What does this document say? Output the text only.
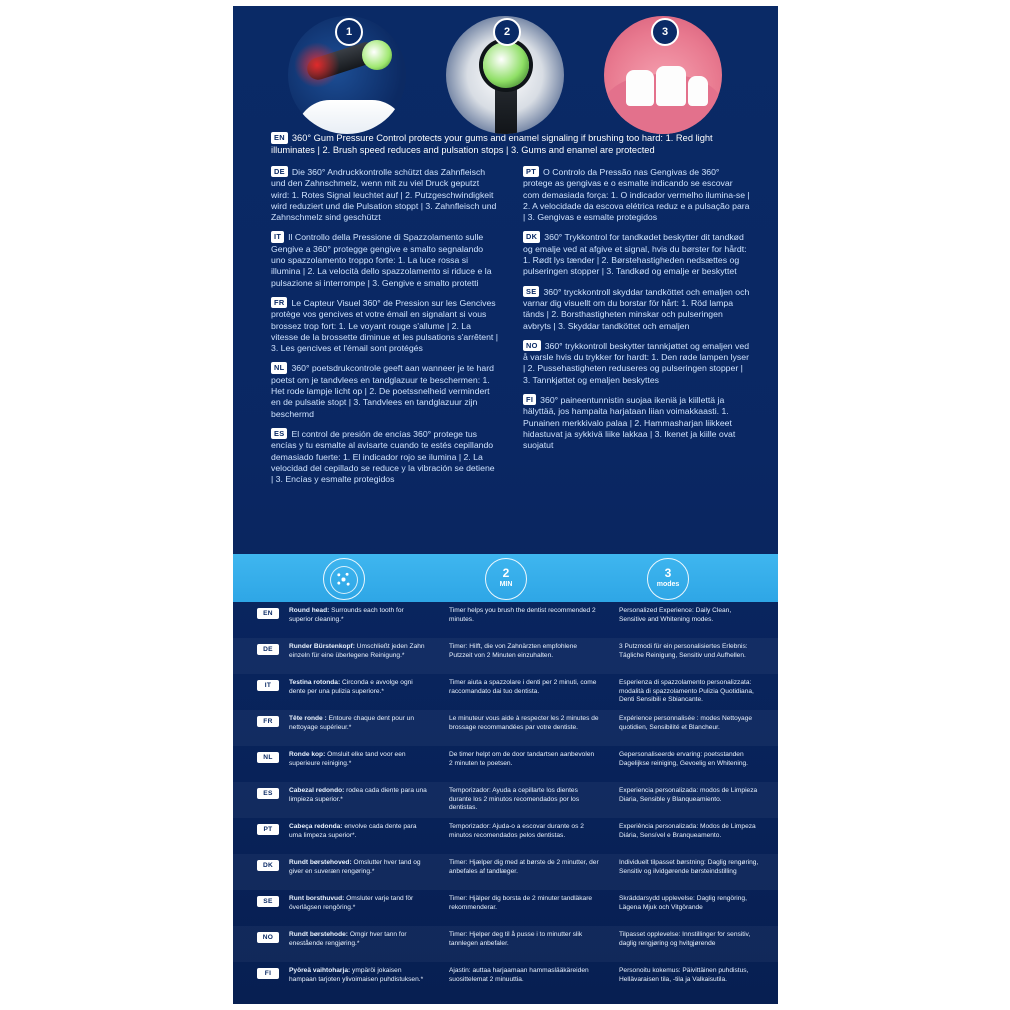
1	2	3
EN 360° Gum Pressure Control protects your gums and enamel signaling if brushing too hard: 1. Red light illuminates | 2. Brush speed reduces and pulsation stops | 3. Gums and enamel are protected
DE Die 360° Andruckkontrolle schützt das Zahnfleisch und den Zahnschmelz, wenn mit zu viel Druck geputzt wird: 1. Rotes Signal leuchtet auf | 2. Putzgeschwindigkeit wird reduziert und die Pulsation stoppt | 3. Zahnfleisch und Zahnschmelz sind geschützt
IT Il Controllo della Pressione di Spazzolamento sulle Gengive a 360° protegge gengive e smalto segnalando uno spazzolamento troppo forte: 1. La luce rossa si illumina | 2. La velocità dello spazzolamento si riduce e la pulsazione si interrompe | 3. Gengive e smalto protetti
FR Le Capteur Visuel 360° de Pression sur les Gencives protège vos gencives et votre émail en signalant si vous brossez trop fort: 1. Le voyant rouge s'allume | 2. La vitesse de la brossette diminue et les pulsations s'arrêtent | 3. Les gencives et l'émail sont protégés
NL 360° poetsdrukcontrole geeft aan wanneer je te hard poetst om je tandvlees en tandglazuur te beschermen: 1. Het rode lampje licht op | 2. De poetssnelheid vermindert en de pulsatie stopt | 3. Tandvlees en tandglazuur zijn beschermd
ES El control de presión de encías 360° protege tus encías y tu esmalte al avisarte cuando te estés cepillando demasiado fuerte: 1. El indicador rojo se ilumina | 2. La velocidad del cepillado se reduce y la vibración se detiene | 3. Encías y esmalte protegidos
PT O Controlo da Pressão nas Gengivas de 360° protege as gengivas e o esmalte indicando se escovar com demasiada força: 1. O indicador vermelho ilumina-se | 2. A velocidade da escova elétrica reduz e a pulsação para | 3. Gengivas e esmalte protegidos
DK 360° Trykkontrol for tandkødet beskytter dit tandkød og emalje ved at afgive et signal, hvis du børster for hårdt: 1. Rødt lys tænder | 2. Børstehastigheden nedsættes og pulseringen stopper | 3. Tandkød og emalje er beskyttet
SE 360° tryckkontroll skyddar tandköttet och emaljen och varnar dig visuellt om du borstar för hårt: 1. Röd lampa tänds | 2. Borsthastigheten minskar och pulseringen avbryts | 3. Skyddar tandköttet och emaljen
NO 360° trykkontroll beskytter tannkjøttet og emaljen ved å varsle hvis du trykker for hardt: 1. Den røde lampen lyser | 2. Pussehastigheten reduseres og pulseringen stopper | 3. Tannkjøttet og emaljen beskyttes
FI 360° paineentunnistin suojaa ikeniä ja kiillettä ja hälyttää, jos hampaita harjataan liian voimakkaasti. 1. Punainen merkkivalo palaa | 2. Hammasharjan liikkeet hidastuvat ja sykkivä liike lakkaa | 3. Ikenet ja kiille ovat suojatut
2
MIN
3
modes
EN	Round head: Surrounds each tooth for superior cleaning.*
Timer helps you brush the dentist recommended 2 minutes.
Personalized Experience: Daily Clean, Sensitive and Whitening modes.
DE	Runder Bürstenkopf: Umschließt jeden Zahn einzeln für eine überlegene Reinigung.*
Timer: Hilft, die von Zahnärzten empfohlene Putzzeit von 2 Minuten einzuhalten.
3 Putzmodi für ein personalisiertes Erlebnis: Tägliche Reinigung, Sensitiv und Aufhellen.
IT	Testina rotonda: Circonda e avvolge ogni dente per una pulizia superiore.*
Timer aiuta a spazzolare i denti per 2 minuti, come raccomandato dai tuo dentista.
Esperienza di spazzolamento personalizzata: modalità di spazzolamento Pulizia Quotidiana, Denti Sensibili e Sbiancante.
FR	Tête ronde : Entoure chaque dent pour un nettoyage supérieur.*
Le minuteur vous aide à respecter les 2 minutes de brossage recommandées par votre dentiste.
Expérience personnalisée : modes Nettoyage quotidien, Sensibilité et Blancheur.
NL	Ronde kop: Omsluit elke tand voor een superieure reiniging.*
De timer helpt om de door tandartsen aanbevolen 2 minuten te poetsen.
Gepersonaliseerde ervaring: poetsstanden Dagelijkse reiniging, Gevoelig en Whitening.
ES	Cabezal redondo: rodea cada diente para una limpieza superior.*
Temporizador: Ayuda a cepillarte los dientes durante los 2 minutos recomendados por los dentistas.
Experiencia personalizada: modos de Limpieza Diaria, Sensible y Blanqueamiento.
PT	Cabeça redonda: envolve cada dente para uma limpeza superior*.
Temporizador: Ajuda-o a escovar durante os 2 minutos recomendados pelos dentistas.
Experiência personalizada: Modos de Limpeza Diária, Sensível e Branqueamento.
DK	Rundt børstehoved: Omslutter hver tand og giver en suveræn rengøring.*
Timer: Hjælper dig med at børste de 2 minutter, der anbefales af tandlæger.
Individuelt tilpasset børstning: Daglig rengøring, Sensitiv og ilvidgørende børsteindstilling
SE	Runt borsthuvud: Omsluter varje tand för överlägsen rengöring.*
Timer: Hjälper dig borsta de 2 minuter tandläkare rekommenderar.
Skräddarsydd upplevelse: Daglig rengöring, Lägena Mjuk och Vitgörande
NO	Rundt børstehode: Omgir hver tann for enestående rengjøring.*
Timer: Hjelper deg til å pusse i to minutter slik tannlegen anbefaler.
Tilpasset opplevelse: Innstillinger for sensitiv, daglig rengjøring og hvitgjørende
FI	Pyöreä vaihtoharja: ympäröi jokaisen hampaan tarjoten ylivoimaisen puhdistuksen.*
Ajastin: auttaa harjaamaan hammaslääkäreiden suosittelemat 2 minuuttia.
Personoitu kokemus: Päivittäinen puhdistus, Hellävaraisen tila, -tila ja Valkaisutila.
